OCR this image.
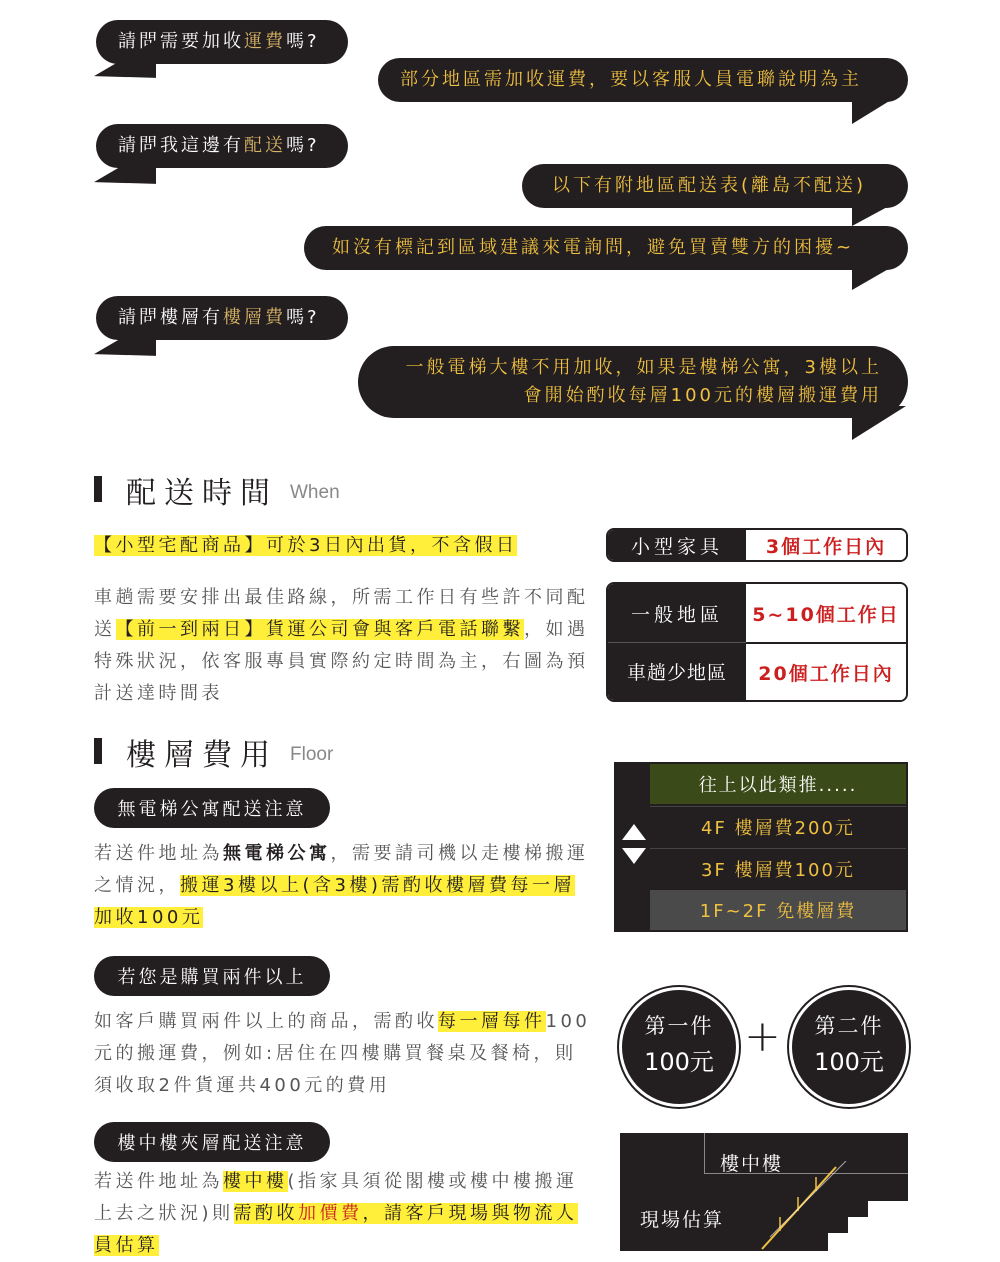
請問需要加收運費嗎?
部分地區需加收運費，要以客服人員電聯說明為主
請問我這邊有配送嗎?
以下有附地區配送表(離島不配送)
如沒有標記到區域建議來電詢問，避免買賣雙方的困擾~
請問樓層有樓層費嗎?
一般電梯大樓不用加收，如果是樓梯公寓，3樓以上
會開始酌收每層100元的樓層搬運費用
配送時間 When
【小型宅配商品】可於3日內出貨，不含假日
車趟需要安排出最佳路線，所需工作日有些許不同配送【前一到兩日】貨運公司會與客戶電話聯繫，如遇特殊狀況，依客服專員實際約定時間為主，右圖為預計送達時間表
小型家具	3個工作日內
一般地區	5~10個工作日
車趟少地區	20個工作日內
樓層費用 Floor
無電梯公寓配送注意
若送件地址為無電梯公寓，需要請司機以走樓梯搬運之情況，搬運3樓以上(含3樓)需酌收樓層費每一層加收100元
往上以此類推.....
4F 樓層費200元
3F 樓層費100元
1F~2F 免樓層費
若您是購買兩件以上
如客戶購買兩件以上的商品，需酌收每一層每件100元的搬運費，例如:居住在四樓購買餐桌及餐椅，則須收取2件貨運共400元的費用
第一件
100元 +	第二件
100元
樓中樓夾層配送注意
若送件地址為樓中樓(指家具須從閣樓或樓中樓搬運上去之狀況)則需酌收加價費，請客戶現場與物流人員估算
樓中樓
現場估算
